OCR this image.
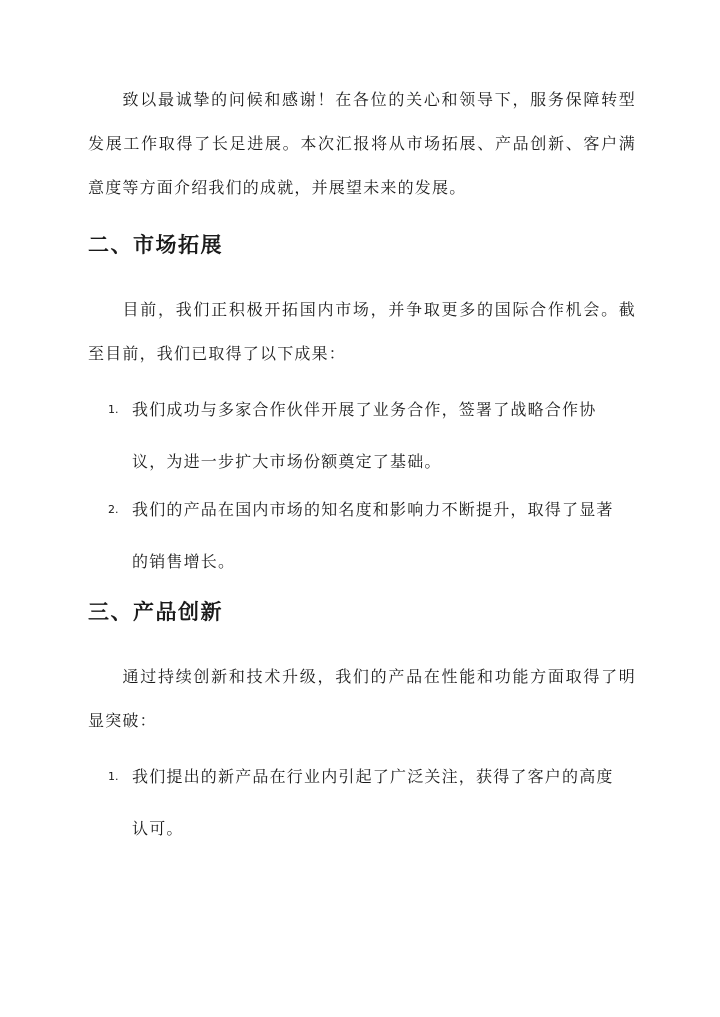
致以最诚挚的问候和感谢！在各位的关心和领导下，服务保障转型发展工作取得了长足进展。本次汇报将从市场拓展、产品创新、客户满意度等方面介绍我们的成就，并展望未来的发展。

二、市场拓展

目前，我们正积极开拓国内市场，并争取更多的国际合作机会。截至目前，我们已取得了以下成果：

1. 我们成功与多家合作伙伴开展了业务合作，签署了战略合作协议，为进一步扩大市场份额奠定了基础。
2. 我们的产品在国内市场的知名度和影响力不断提升，取得了显著的销售增长。
三、产品创新

通过持续创新和技术升级，我们的产品在性能和功能方面取得了明显突破：

1. 我们提出的新产品在行业内引起了广泛关注，获得了客户的高度认可。
